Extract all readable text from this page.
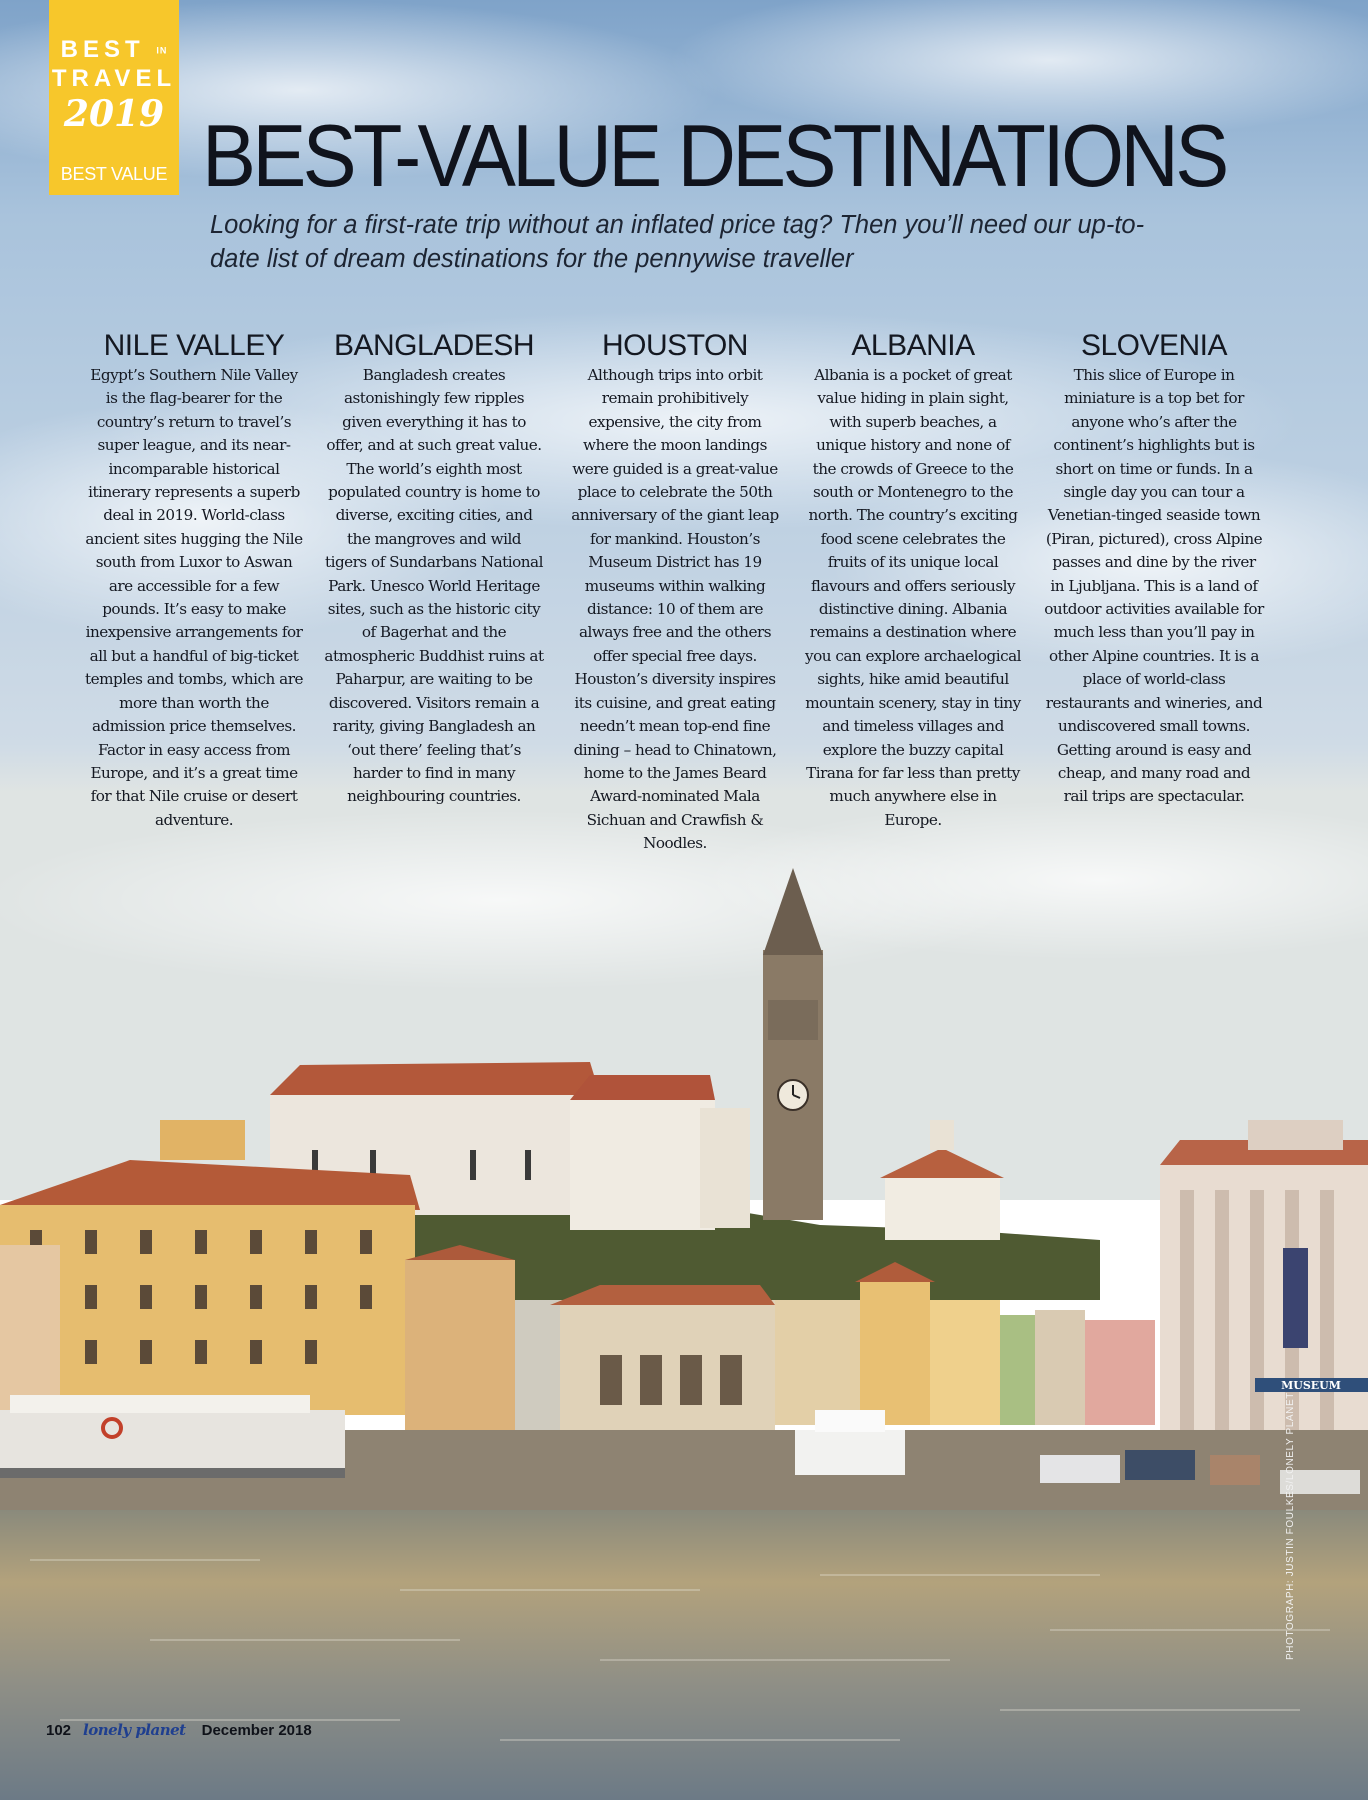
MUSEUM
BEST IN
TRAVEL
2019
BEST VALUE BEST-VALUE DESTINATIONS

Looking for a first-rate trip without an inflated price tag? Then you’ll need our up-to-date list of dream destinations for the pennywise traveller

NILE VALLEY

Egypt’s Southern Nile Valley is the flag-bearer for the country’s return to travel’s super league, and its near-incomparable historical itinerary represents a superb deal in 2019. World-class ancient sites hugging the Nile south from Luxor to Aswan are accessible for a few pounds. It’s easy to make inexpensive arrangements for all but a handful of big-ticket temples and tombs, which are more than worth the admission price themselves. Factor in easy access from Europe, and it’s a great time for that Nile cruise or desert adventure.

BANGLADESH

Bangladesh creates astonishingly few ripples given everything it has to offer, and at such great value. The world’s eighth most populated country is home to diverse, exciting cities, and the mangroves and wild tigers of Sundarbans National Park. Unesco World Heritage sites, such as the historic city of Bagerhat and the atmospheric Buddhist ruins at Paharpur, are waiting to be discovered. Visitors remain a rarity, giving Bangladesh an ‘out there’ feeling that’s harder to find in many neighbouring countries.

HOUSTON

Although trips into orbit remain prohibitively expensive, the city from where the moon landings were guided is a great-value place to celebrate the 50th anniversary of the giant leap for mankind. Houston’s Museum District has 19 museums within walking distance: 10 of them are always free and the others offer special free days. Houston’s diversity inspires its cuisine, and great eating needn’t mean top-end fine dining – head to Chinatown, home to the James Beard Award-nominated Mala Sichuan and Crawfish & Noodles.

ALBANIA

Albania is a pocket of great value hiding in plain sight, with superb beaches, a unique history and none of the crowds of Greece to the south or Montenegro to the north. The country’s exciting food scene celebrates the fruits of its unique local flavours and offers seriously distinctive dining. Albania remains a destination where you can explore archaelogical sights, hike amid beautiful mountain scenery, stay in tiny and timeless villages and explore the buzzy capital Tirana for far less than pretty much anywhere else in Europe.

SLOVENIA

This slice of Europe in miniature is a top bet for anyone who’s after the continent’s highlights but is short on time or funds. In a single day you can tour a Venetian-tinged seaside town (Piran, pictured), cross Alpine passes and dine by the river in Ljubljana. This is a land of outdoor activities available for much less than you’ll pay in other Alpine countries. It is a place of world-class restaurants and wineries, and undiscovered small towns. Getting around is easy and cheap, and many road and rail trips are spectacular.

PHOTOGRAPH: JUSTIN FOULKES/LONELY PLANET
102 lonely planet December 2018
